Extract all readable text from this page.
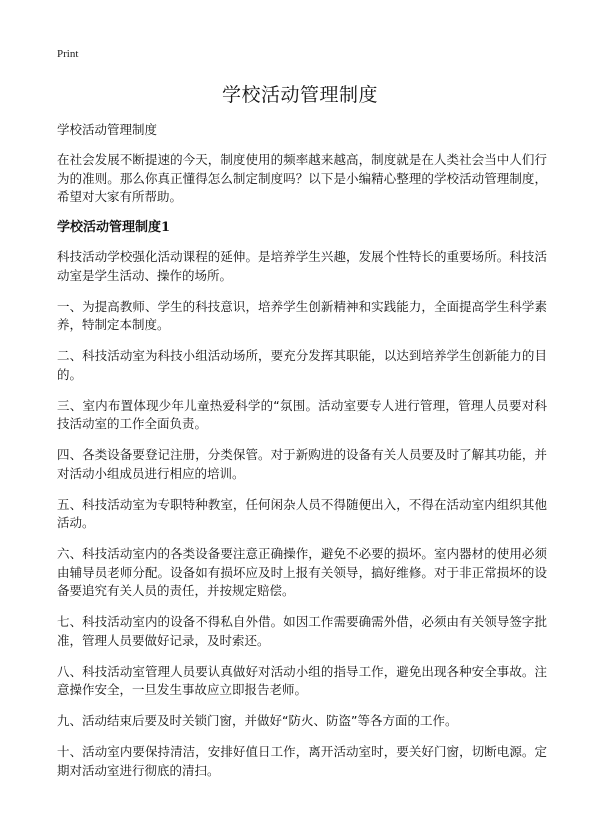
Print
学校活动管理制度
学校活动管理制度

在社会发展不断提速的今天，制度使用的频率越来越高，制度就是在人类社会当中人们行为的准则。那么你真正懂得怎么制定制度吗？以下是小编精心整理的学校活动管理制度，希望对大家有所帮助。

学校活动管理制度1

科技活动学校强化活动课程的延伸。是培养学生兴趣，发展个性特长的重要场所。科技活动室是学生活动、操作的场所。

一、为提高教师、学生的科技意识，培养学生创新精神和实践能力，全面提高学生科学素养，特制定本制度。

二、科技活动室为科技小组活动场所，要充分发挥其职能，以达到培养学生创新能力的目的。

三、室内布置体现少年儿童热爱科学的“氛围。活动室要专人进行管理，管理人员要对科技活动室的工作全面负责。

四、各类设备要登记注册，分类保管。对于新购进的设备有关人员要及时了解其功能，并对活动小组成员进行相应的培训。

五、科技活动室为专职特种教室，任何闲杂人员不得随便出入，不得在活动室内组织其他活动。

六、科技活动室内的各类设备要注意正确操作，避免不必要的损坏。室内器材的使用必须由辅导员老师分配。设备如有损坏应及时上报有关领导，搞好维修。对于非正常损坏的设备要追究有关人员的责任，并按规定赔偿。

七、科技活动室内的设备不得私自外借。如因工作需要确需外借，必须由有关领导签字批准，管理人员要做好记录，及时索还。

八、科技活动室管理人员要认真做好对活动小组的指导工作，避免出现各种安全事故。注意操作安全，一旦发生事故应立即报告老师。

九、活动结束后要及时关锁门窗，并做好“防火、防盗”等各方面的工作。

十、活动室内要保持清洁，安排好值日工作，离开活动室时，要关好门窗，切断电源。定期对活动室进行彻底的清扫。
